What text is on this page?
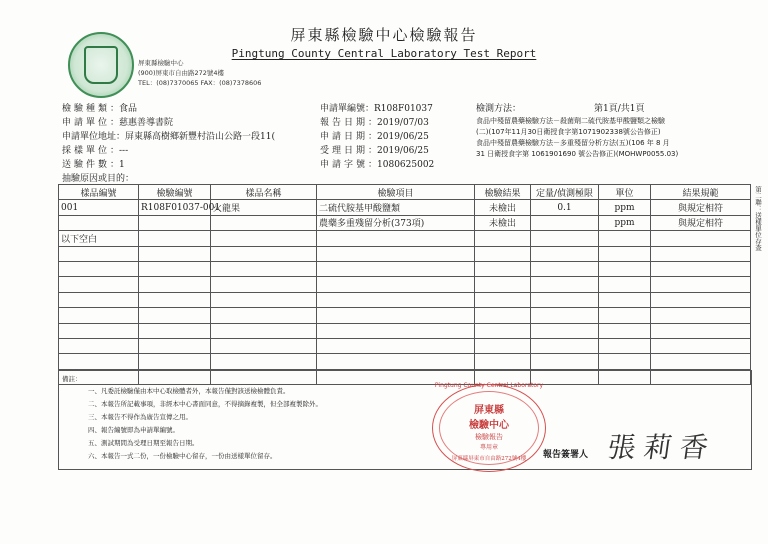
屏東縣檢驗中心
(900)屏東市自由路272號4樓
TEL：(08)7370065 FAX：(08)7378606
屏東縣檢驗中心檢驗報告
Pingtung County Central Laboratory Test Report
檢驗種類：食品
申請單位：慈惠善導書院
申請單位地址：屏東縣高樹鄉新豐村沿山公路一段11(
採樣單位：---
送驗件數：1
抽驗原因或目的：
申請單編號：R108F01037
報告日期：2019/07/03
申請日期：2019/06/25
受理日期：2019/06/25
申請字號：1080625002
檢測方法：	第1頁/共1頁
食品中殘留農藥檢驗方法－殺菌劑二硫代胺基甲酸鹽類之檢驗
(二)(107年11月30日衛授食字第1071902338號公告修正)
食品中殘留農藥檢驗方法－多重殘留分析方法(五)(106 年 8 月
31 日衛授食字第 1061901690 號公告修正)(MOHWP0055.03)
樣品編號	檢驗編號	樣品名稱	檢驗項目	檢驗結果	定量/偵測極限	單位	結果規範
001	R108F01037-001	火龍果	二硫代胺基甲酸鹽類	未檢出	0.1	ppm	與規定相符
			農藥多重殘留分析(373項)	未檢出		ppm	與規定相符
以下空白							

								第二聯：送樣單位存查
備註：
一、凡委託檢驗僅由本中心取檢體者外，本報告僅對該送檢檢體負責。
二、本報告所記載事項，非經本中心書面同意，不得摘錄複製，但全部複製除外。
三、本報告不得作為廣告宣傳之用。
四、報告編號即為申請單編號。
五、測試期間為受理日期至報告日期。
六、本報告一式二份，一份檢驗中心留存，一份由送樣單位留存。
Pingtung County Central Laboratory
屏東縣
檢驗中心
檢驗報告
專用章
屏東縣屏東市自由路272號4樓	報告簽署人 張莉香
